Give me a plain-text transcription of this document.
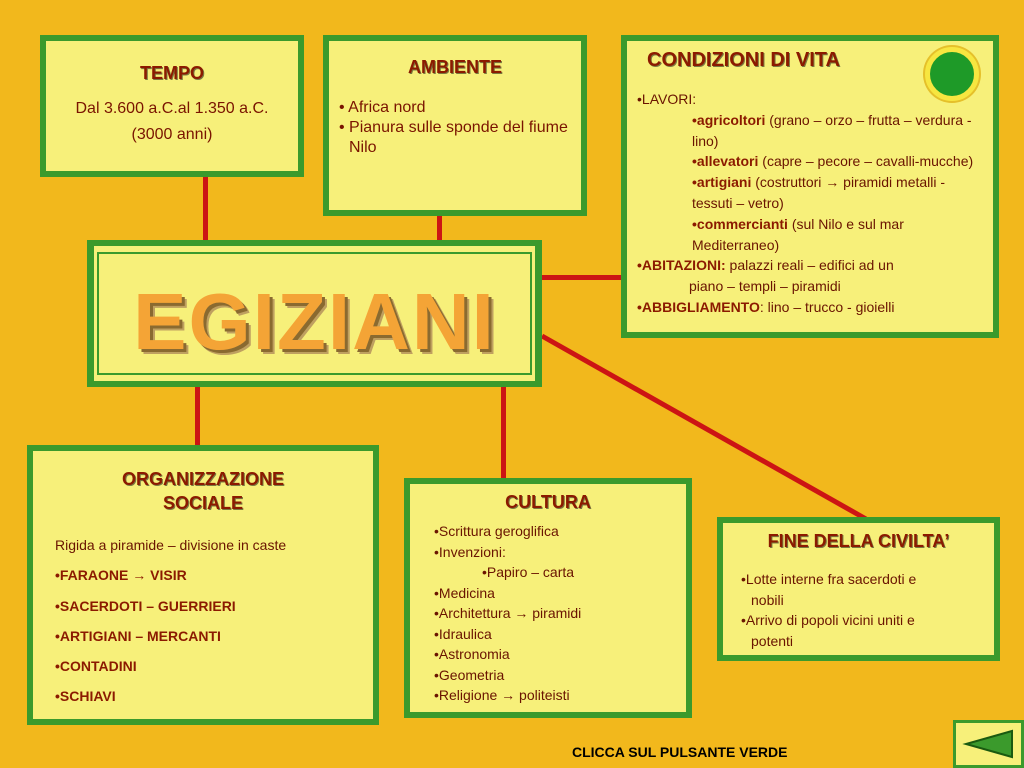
TEMPO
Dal 3.600 a.C.al 1.350 a.C.
(3000 anni)
AMBIENTE
• Africa nord
• Pianura sulle sponde del fiume Nilo
CONDIZIONI DI VITA
•LAVORI:
•agricoltori (grano – orzo – frutta – verdura - lino)
•allevatori (capre – pecore – cavalli-mucche)
•artigiani (costruttori → piramidi metalli - tessuti – vetro)
•commercianti (sul Nilo e sul mar Mediterraneo)
•ABITAZIONI: palazzi reali – edifici ad un
piano – templi – piramidi
•ABBIGLIAMENTO: lino – trucco - gioielli
EGIZIANI
ORGANIZZAZIONE SOCIALE
Rigida a piramide – divisione in caste
•FARAONE → VISIR
•SACERDOTI – GUERRIERI
•ARTIGIANI – MERCANTI
•CONTADINI
•SCHIAVI
CULTURA
•Scrittura geroglifica
•Invenzioni:
•Papiro – carta
•Medicina
•Architettura → piramidi
•Idraulica
•Astronomia
•Geometria
•Religione → politeisti
FINE DELLA CIVILTA’
•Lotte interne fra sacerdoti e
nobili
•Arrivo di popoli vicini uniti e
potenti
CLICCA SUL PULSANTE VERDE
